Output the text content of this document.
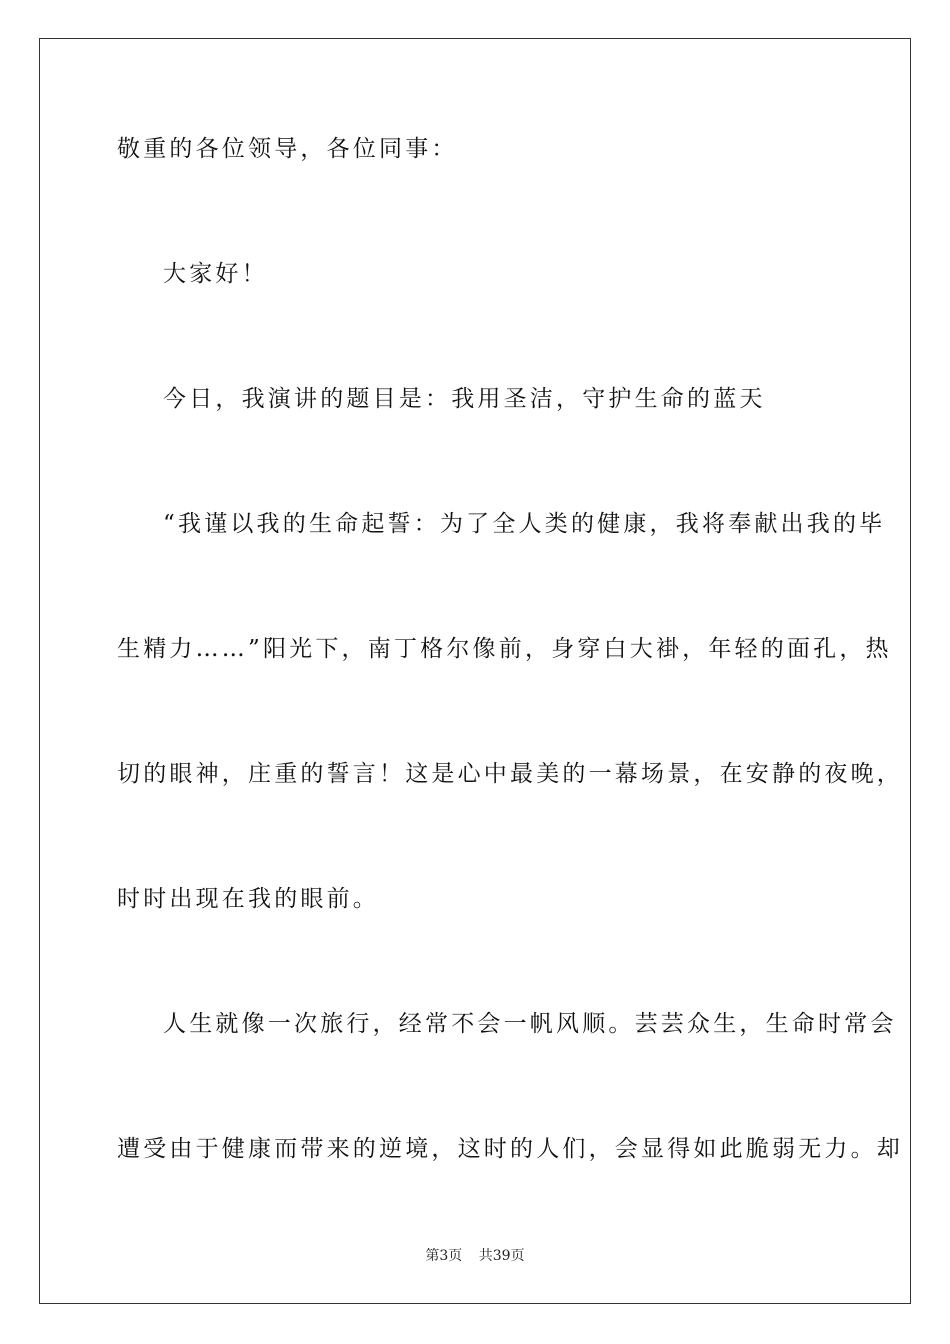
敬重的各位领导，各位同事：
大家好！
今日，我演讲的题目是：我用圣洁，守护生命的蓝天
“我谨以我的生命起誓：为了全人类的健康，我将奉献出我的毕
生精力……”阳光下，南丁格尔像前，身穿白大褂，年轻的面孔，热
切的眼神，庄重的誓言！这是心中最美的一幕场景，在安静的夜晚，
时时出现在我的眼前。
人生就像一次旅行，经常不会一帆风顺。芸芸众生，生命时常会
遭受由于健康而带来的逆境，这时的人们，会显得如此脆弱无力。却
第3页 共39页
